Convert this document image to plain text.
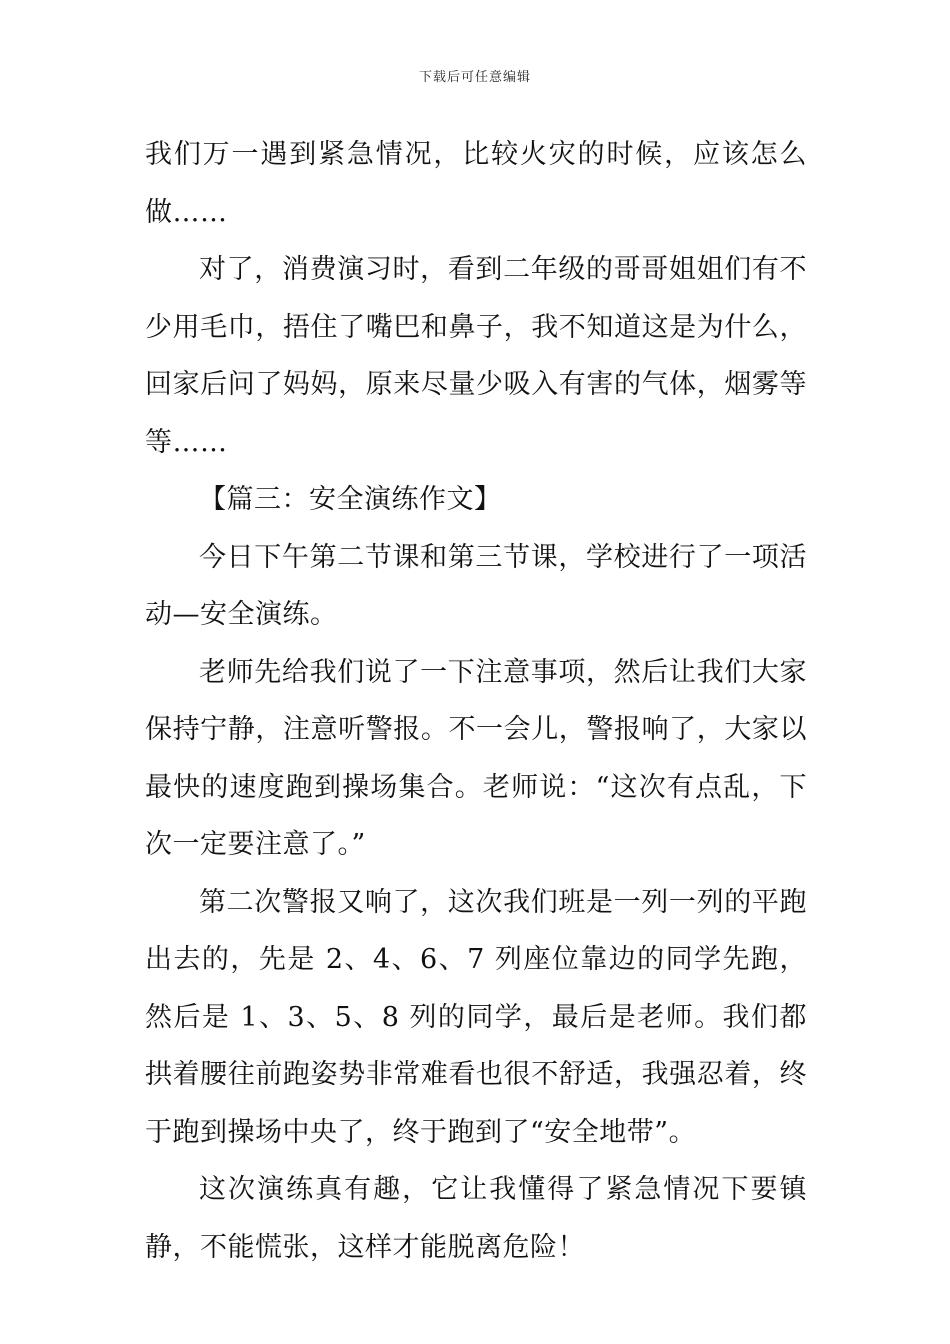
下载后可任意编辑

我们万一遇到紧急情况，比较火灾的时候，应该怎么做……

对了，消费演习时，看到二年级的哥哥姐姐们有不少用毛巾，捂住了嘴巴和鼻子，我不知道这是为什么，回家后问了妈妈，原来尽量少吸入有害的气体，烟雾等等……

【篇三：安全演练作文】

今日下午第二节课和第三节课，学校进行了一项活动—安全演练。

老师先给我们说了一下注意事项，然后让我们大家保持宁静，注意听警报。不一会儿，警报响了，大家以最快的速度跑到操场集合。老师说：“这次有点乱，下次一定要注意了。”

第二次警报又响了，这次我们班是一列一列的平跑出去的，先是 2、4、6、7 列座位靠边的同学先跑，然后是 1、3、5、8 列的同学，最后是老师。我们都拱着腰往前跑姿势非常难看也很不舒适，我强忍着，终于跑到操场中央了，终于跑到了“安全地带”。

这次演练真有趣，它让我懂得了紧急情况下要镇静，不能慌张，这样才能脱离危险！
